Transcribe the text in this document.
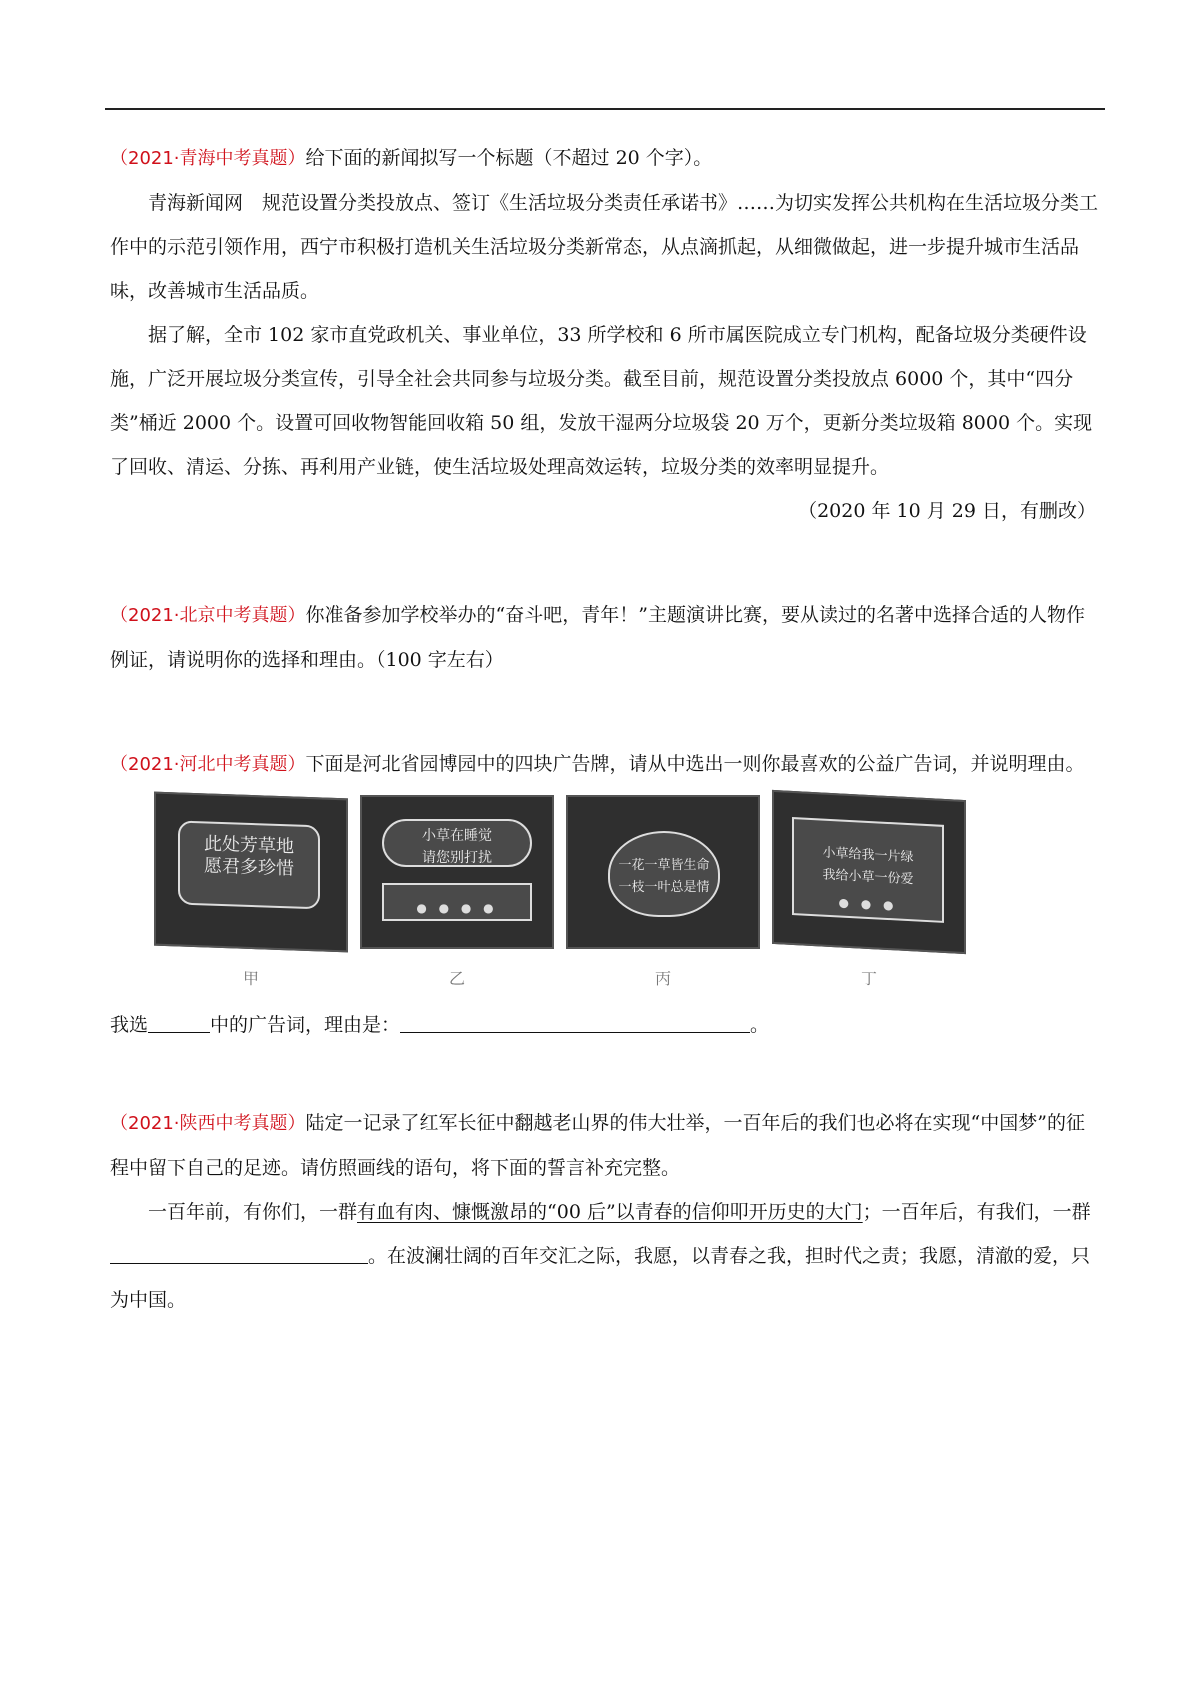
（2021·青海中考真题）给下面的新闻拟写一个标题（不超过 20 个字）。

青海新闻网　规范设置分类投放点、签订《生活垃圾分类责任承诺书》……为切实发挥公共机构在生活垃圾分类工作中的示范引领作用，西宁市积极打造机关生活垃圾分类新常态，从点滴抓起，从细微做起，进一步提升城市生活品味，改善城市生活品质。

据了解，全市 102 家市直党政机关、事业单位，33 所学校和 6 所市属医院成立专门机构，配备垃圾分类硬件设施，广泛开展垃圾分类宣传，引导全社会共同参与垃圾分类。截至目前，规范设置分类投放点 6000 个，其中“四分类”桶近 2000 个。设置可回收物智能回收箱 50 组，发放干湿两分垃圾袋 20 万个，更新分类垃圾箱 8000 个。实现了回收、清运、分拣、再利用产业链，使生活垃圾处理高效运转，垃圾分类的效率明显提升。

（2020 年 10 月 29 日，有删改）

（2021·北京中考真题）你准备参加学校举办的“奋斗吧，青年！”主题演讲比赛，要从读过的名著中选择合适的人物作例证，请说明你的选择和理由。（100 字左右）

（2021·河北中考真题）下面是河北省园博园中的四块广告牌，请从中选出一则你最喜欢的公益广告词，并说明理由。

此处芳草地
愿君多珍惜
甲
小草在睡觉
请您别打扰
● ● ● ●
乙
一花一草皆生命
一枝一叶总是情
丙
小草给我一片绿
我给小草一份爱
● ● ●
丁

我选	中的广告词，理由是：	。

（2021·陕西中考真题）陆定一记录了红军长征中翻越老山界的伟大壮举，一百年后的我们也必将在实现“中国梦”的征程中留下自己的足迹。请仿照画线的语句，将下面的誓言补充完整。

一百年前，有你们，一群有血有肉、慷慨激昂的“00 后”以青春的信仰叩开历史的大门；一百年后，有我们，一群。在波澜壮阔的百年交汇之际，我愿，以青春之我，担时代之责；我愿，清澈的爱，只为中国。
